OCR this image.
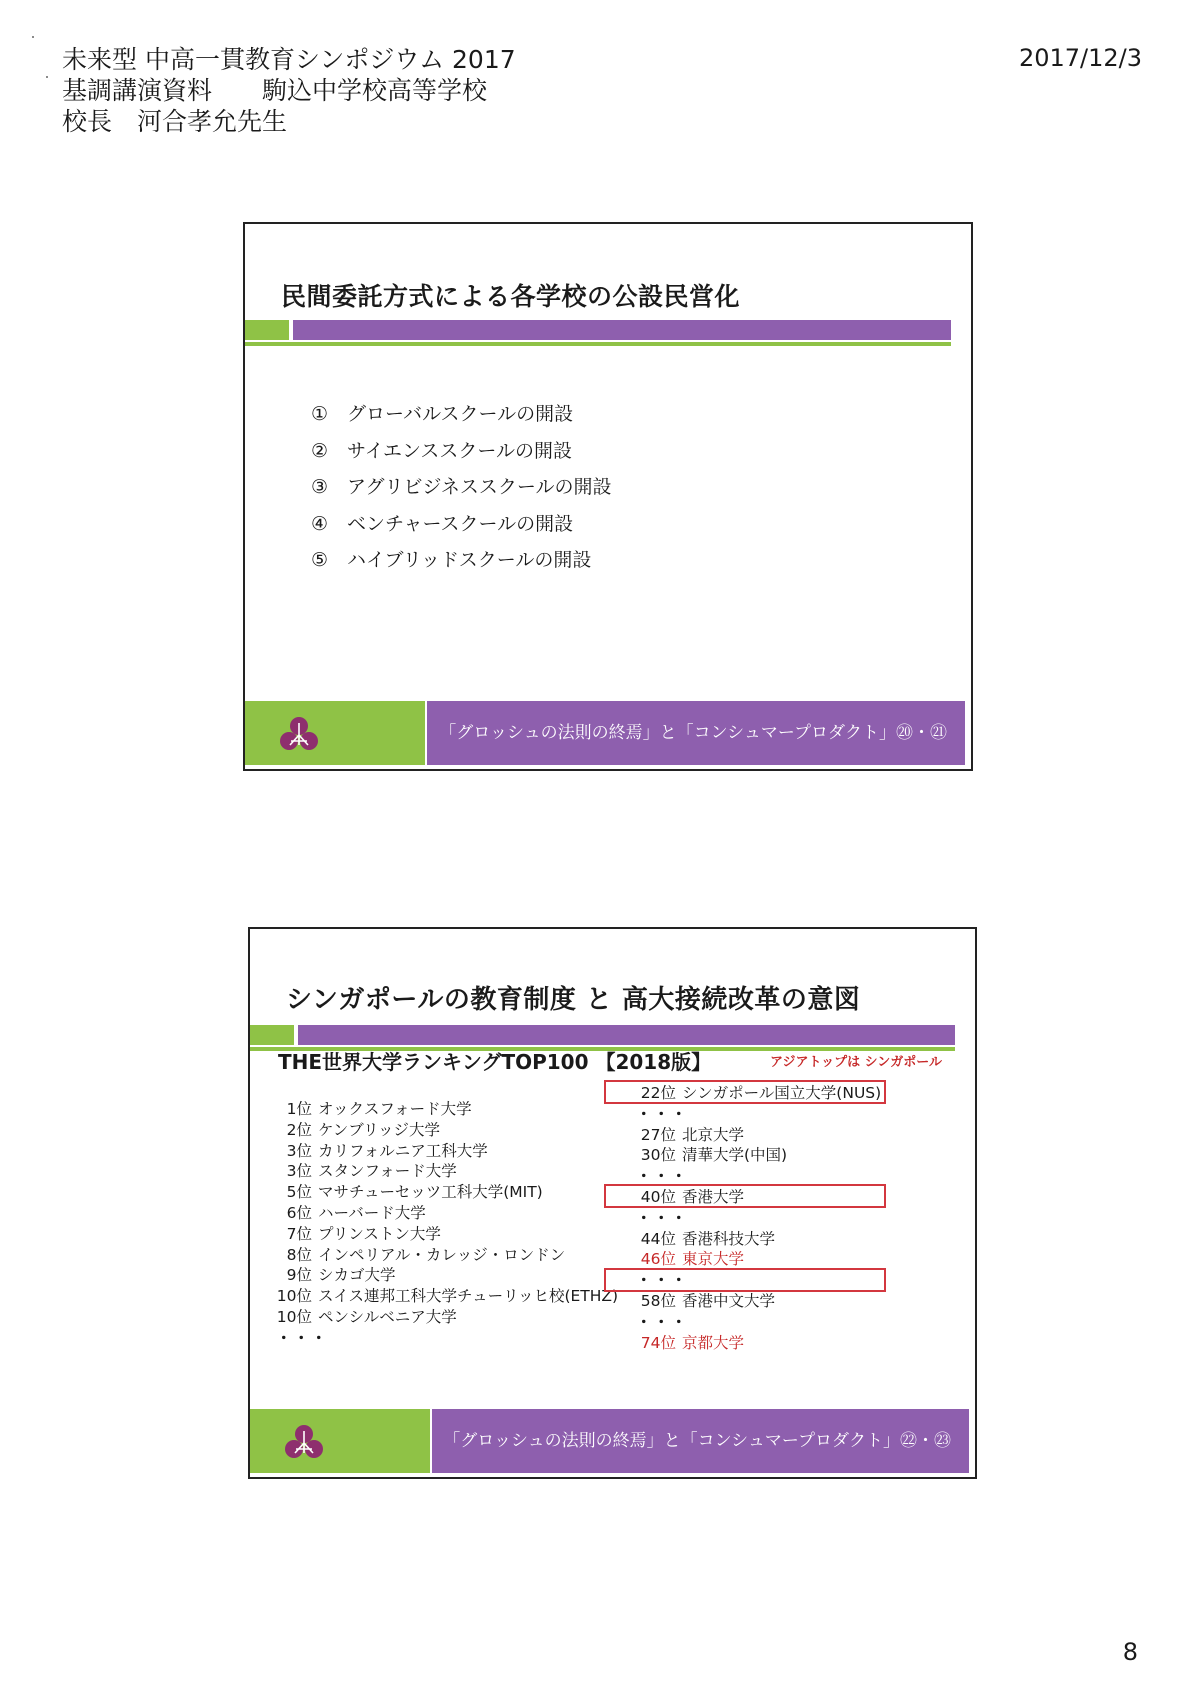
未来型 中高一貫教育シンポジウム 2017
基調講演資料　　駒込中学校高等学校
校長　河合孝允先生
2017/12/3
民間委託方式による各学校の公設民営化
①　グローバルスクールの開設
②　サイエンススクールの開設
③　アグリビジネススクールの開設
④　ベンチャースクールの開設
⑤　ハイブリッドスクールの開設
「グロッシュの法則の終焉」と「コンシュマープロダクト」⑳・㉑
シンガポールの教育制度 と 高大接続改革の意図
THE世界大学ランキングTOP100 【2018版】	アジアトップは シンガポール
1位 オックスフォード大学
2位 ケンブリッジ大学
3位 カリフォルニア工科大学
3位 スタンフォード大学
5位 マサチューセッツ工科大学(MIT)
6位 ハーバード大学
7位 プリンストン大学
8位 インペリアル・カレッジ・ロンドン
9位 シカゴ大学
10位 スイス連邦工科大学チューリッヒ校(ETHZ)
10位 ペンシルベニア大学
・・・
22位 シンガポール国立大学(NUS)
・・・
27位 北京大学
30位 清華大学(中国)
・・・
40位 香港大学
・・・
44位 香港科技大学
46位 東京大学
・・・
58位 香港中文大学
・・・
74位 京都大学
「グロッシュの法則の終焉」と「コンシュマープロダクト」㉒・㉓
8
